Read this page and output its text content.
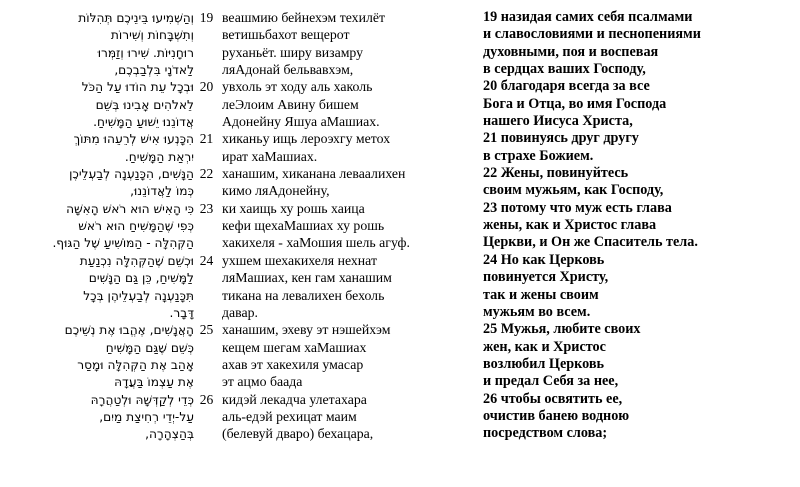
וְהַשְׁמִיעוּ בֵּינֵיכֶם תְּהִלּוֹת 19 веашмию бейнехэм техилёт
וְתִשְׁבָּחוֹת וְשִׁירוֹת ветишьбахот вещерот
רוּחָנִיּוֹת. שִׁירוּ וְזַמְּרוּ руханьёт. ширу визамру
לַאדֹנָי בִּלְבַבְכֶם, ляАдонай бельвавхэм,
וּבְכָל עֵת הוֹדוּ עַל הַכֹּל 20 увхоль эт ходу аль хаколь
לֵאלֹהִים אָבִינוּ בְּשֵׁם леЭлоим Авину бишем
אֲדוֹנֵנוּ יֵשׁוּעַ הַמָּשִׁיחַ. Адонейну Яшуа аМашиах.
הִכָּנְעוּ אִישׁ לְרֵעֵהוּ מִתּוֹךְ 21 хиканьу ищь лероэхгу метох
יִרְאַת הַמָּשִׁיחַ. ират хаМашиах.
הַנָּשִׁים, הִכָּנַעְנָה לְבַעְלֵיכֶן 22 ханашим, хиканана леваалихен
כְּמוֹ לַאֲדוֹנֵנוּ, кимо ляАдонейну,
כִּי הָאִישׁ הוּא רֹאשׁ הָאִשָּׁה 23 ки хаищь ху рошь хаица
כְּפִי שֶׁהַמָּשִׁיחַ הוּא רֹאשׁ кефи щехаМашиах ху рошь
הַקְּהִלָּה - הַמּוֹשִׁיעַ שֶׁל הַגּוּף. хакихеля - хаМошия шель агуф.
וּכְשֵׁם שֶׁהַקְּהִלָּה נִכְנַעַת 24 ухшем шехакихеля нехнат
לַמָּשִׁיחַ, כֵּן גַּם הַנָּשִׁים ляМашиах, кен гам ханашим
תִּכָּנַעְנָה לְבַעְלֵיהֶן בְּכָל тикана на левалихен бехоль
דָּבָר. давар.
הָאֲנָשִׁים, אֶהֱבוּ אֶת נְשֵׁיכֶם 25 ханашим, эхеву эт нэшейхэм
כְּשֵׁם שֶׁגַּם הַמָּשִׁיחַ кещем шегам хаМашиах
אָהַב אֶת הַקְּהִלָּה וּמָסַר ахав эт хакехиля умасар
אֶת עַצְמוֹ בַּעֲדָהּ эт ацмо баада
כְּדֵי לְקַדְּשָׁהּ וּלְטַהֲרָהּ 26 кидэй лекадча улетахара
עַל-יְדֵי רְחִיצַת מַיִם, аль-едэй рехицат маим
בְּהַצְהָרָה, (белевуй дваро) бехацара,
19 назидая самих себя псалмами
и славословиями и песнопениями
духовными, поя и воспевая
в сердцах ваших Господу,
20 благодаря всегда за все
Бога и Отца, во имя Господа
нашего Иисуса Христа,
21 повинуясь друг другу
в страхе Божием.
22 Жены, повинуйтесь
своим мужьям, как Господу,
23 потому что муж есть глава
жены, как и Христос глава
Церкви, и Он же Спаситель тела.
24 Но как Церковь
повинуется Христу,
так и жены своим
мужьям во всем.
25 Мужья, любите своих
жен, как и Христос
возлюбил Церковь
и предал Себя за нее,
26 чтобы освятить ее,
очистив банею водною
посредством слова;
